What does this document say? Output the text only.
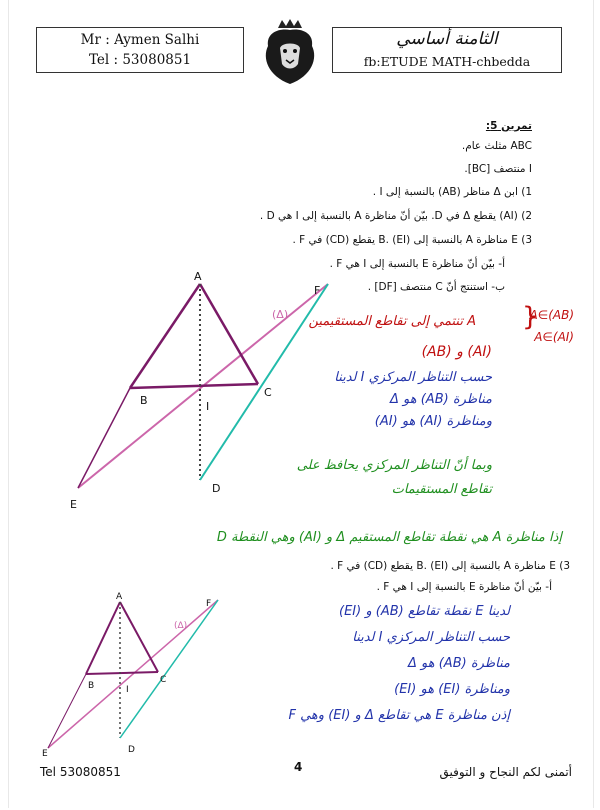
Mr : Aymen Salhi
Tel : 53080851
الثامنة أساسي
fb:ETUDE MATH-chbedda
تمرين 5:
ABC مثلث عام.
I منتصف [BC].
1) ابن Δ مناظر (AB) بالنسبة إلى I .
2) (AI) يقطع Δ في D. بيّن أنّ مناظرة A بالنسبة إلى I هي D .
3) E مناظرة A بالنسبة إلى B. (EI) يقطع (CD) في F .
أ- بيّن أنّ مناظرة E بالنسبة إلى I هي F .
ب- استنتج أنّ C منتصف [DF] .
A
B
C
D
E
F
I
(Δ) A تنتمي إلى تقاطع المستقيمين {
A∈(AB)
A∈(AI)
(AI) و (AB)
حسب التناظر المركزي I لدينا
مناظرة (AB) هو Δ
ومناظرة (AI) هو (AI)
وبما أنّ التناظر المركزي يحافظ على
تقاطع المستقيمات
إذا مناظرة A هي نقطة تقاطع المستقيم Δ و (AI) وهي النقطة D
3) E مناظرة A بالنسبة إلى B. (EI) يقطع (CD) في F .
أ- بيّن أنّ مناظرة E بالنسبة إلى I هي F .
A
B
C
D
E
F
I
(Δ)
لدينا E نقطة تقاطع (AB) و (EI)
حسب التناظر المركزي I لدينا
مناظرة (AB) هو Δ
ومناظرة (EI) هو (EI)
إذن مناظرة E هي تقاطع Δ و (EI) وهي F
Tel 53080851	4	أتمنى لكم النجاح و التوفيق
